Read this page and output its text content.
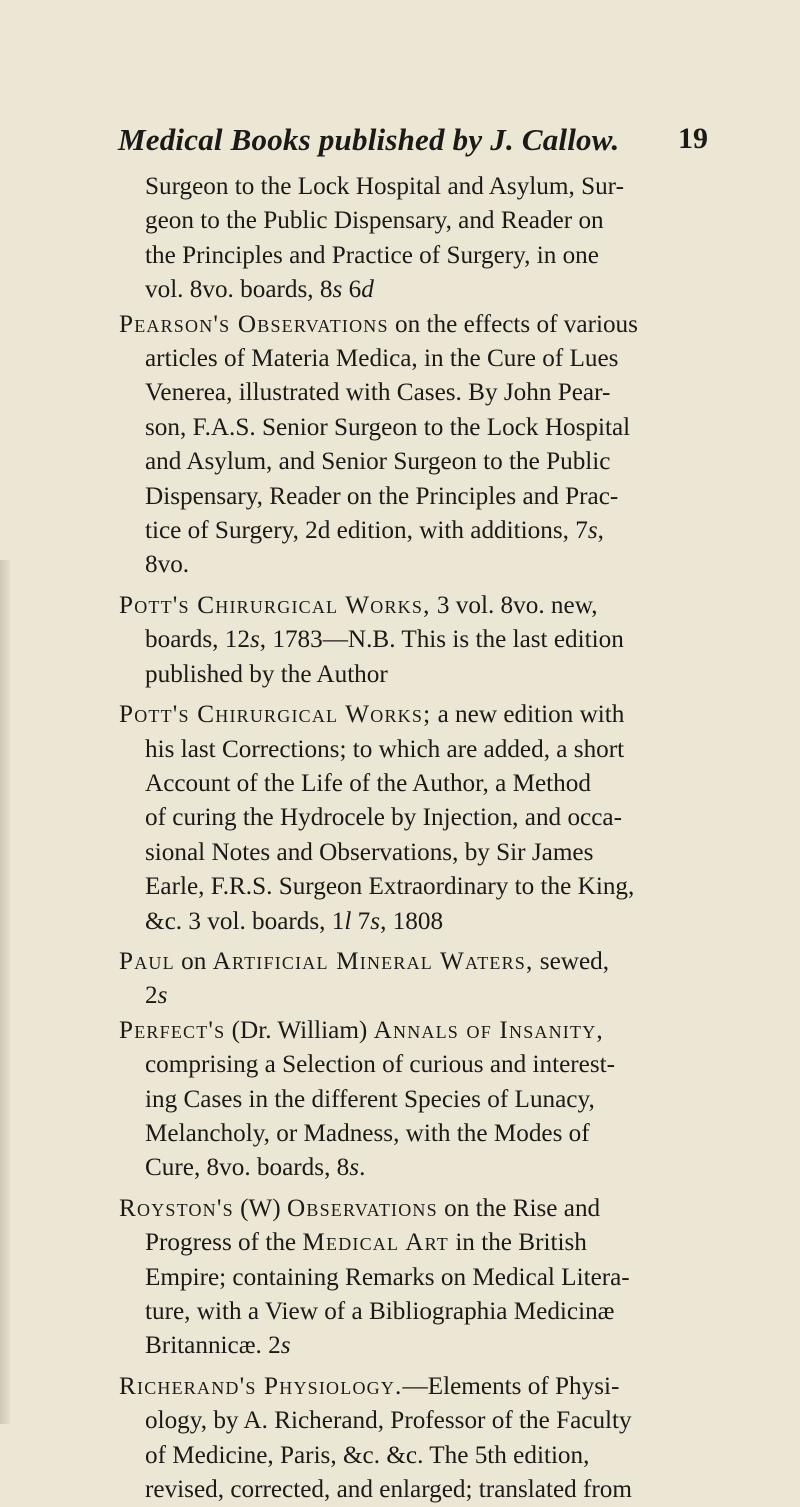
Medical Books published by J. Callow. 19
Surgeon to the Lock Hospital and Asylum, Sur-
geon to the Public Dispensary, and Reader on
the Principles and Practice of Surgery, in one
vol. 8vo. boards, 8s 6d
Pearson's Observations on the effects of various
articles of Materia Medica, in the Cure of Lues
Venerea, illustrated with Cases. By John Pear-
son, F.A.S. Senior Surgeon to the Lock Hospital
and Asylum, and Senior Surgeon to the Public
Dispensary, Reader on the Principles and Prac-
tice of Surgery, 2d edition, with additions, 7s,
8vo.
Pott's Chirurgical Works, 3 vol. 8vo. new,
boards, 12s, 1783—N.B. This is the last edition
published by the Author
Pott's Chirurgical Works; a new edition with
his last Corrections; to which are added, a short
Account of the Life of the Author, a Method
of curing the Hydrocele by Injection, and occa-
sional Notes and Observations, by Sir James
Earle, F.R.S. Surgeon Extraordinary to the King,
&c. 3 vol. boards, 1l 7s, 1808
Paul on Artificial Mineral Waters, sewed,
2s
Perfect's (Dr. William) Annals of Insanity,
comprising a Selection of curious and interest-
ing Cases in the different Species of Lunacy,
Melancholy, or Madness, with the Modes of
Cure, 8vo. boards, 8s.
Royston's (W) Observations on the Rise and
Progress of the Medical Art in the British
Empire; containing Remarks on Medical Litera-
ture, with a View of a Bibliographia Medicinæ
Britannicæ. 2s
Richerand's Physiology.—Elements of Physi-
ology, by A. Richerand, Professor of the Faculty
of Medicine, Paris, &c. &c. The 5th edition,
revised, corrected, and enlarged; translated from
